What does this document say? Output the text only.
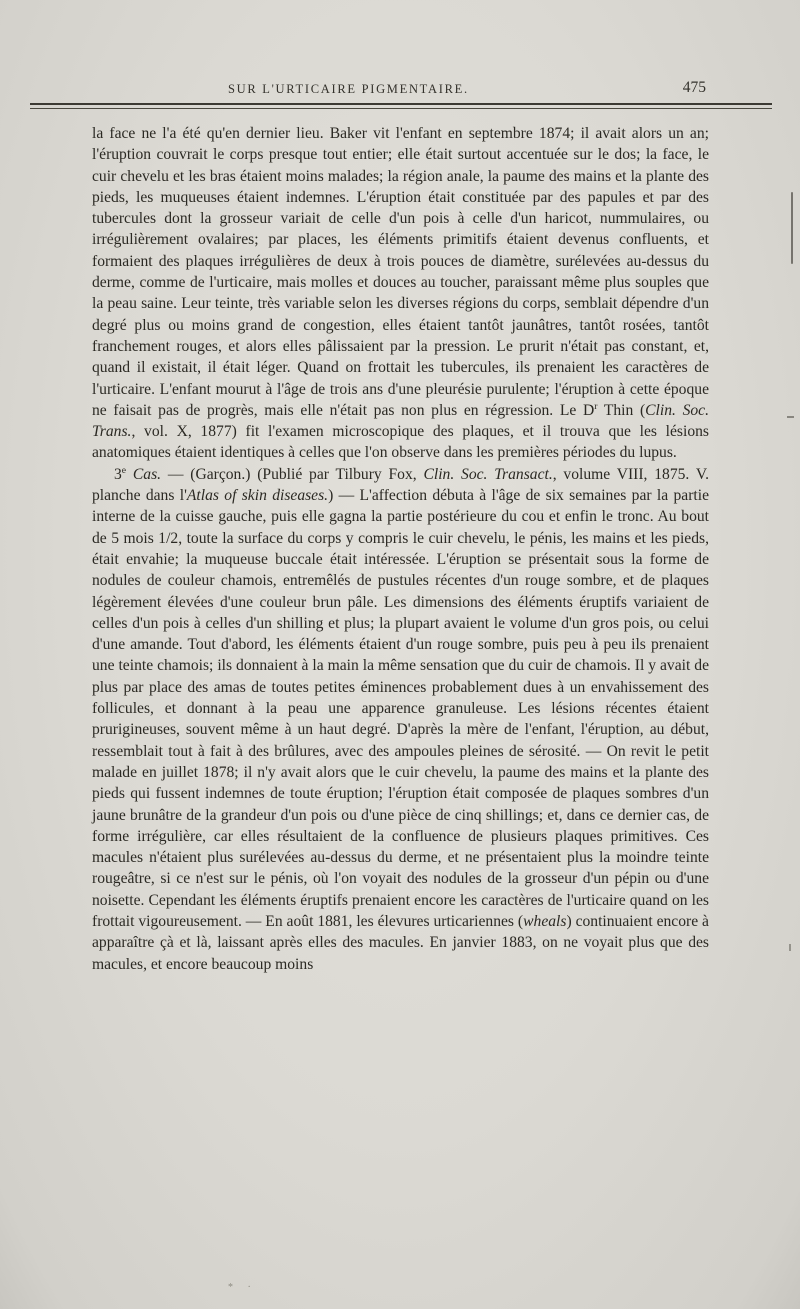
SUR L'URTICAIRE PIGMENTAIRE.	475

la face ne l'a été qu'en dernier lieu. Baker vit l'enfant en septembre 1874; il avait alors un an; l'éruption couvrait le corps presque tout entier; elle était surtout accentuée sur le dos; la face, le cuir chevelu et les bras étaient moins malades; la région anale, la paume des mains et la plante des pieds, les muqueuses étaient indemnes. L'éruption était constituée par des papules et par des tubercules dont la grosseur variait de celle d'un pois à celle d'un haricot, nummulaires, ou irrégulièrement ovalaires; par places, les éléments primitifs étaient devenus confluents, et formaient des plaques irrégulières de deux à trois pouces de diamètre, surélevées au-dessus du derme, comme de l'urticaire, mais molles et douces au toucher, paraissant même plus souples que la peau saine. Leur teinte, très variable selon les diverses régions du corps, semblait dépendre d'un degré plus ou moins grand de congestion, elles étaient tantôt jaunâtres, tantôt rosées, tantôt franchement rouges, et alors elles pâlissaient par la pression. Le prurit n'était pas constant, et, quand il existait, il était léger. Quand on frottait les tubercules, ils prenaient les caractères de l'urticaire. L'enfant mourut à l'âge de trois ans d'une pleurésie purulente; l'éruption à cette époque ne faisait pas de progrès, mais elle n'était pas non plus en régression. Le $D^r$ Thin (Clin. Soc. Trans., vol. X, 1877) fit l'examen microscopique des plaques, et il trouva que les lésions anatomiques étaient identiques à celles que l'on observe dans les premières périodes du lupus.

3e Cas. — (Garçon.) (Publié par Tilbury Fox, Clin. Soc. Transact., volume VIII, 1875. V. planche dans l'Atlas of skin diseases.) — L'affection débuta à l'âge de six semaines par la partie interne de la cuisse gauche, puis elle gagna la partie postérieure du cou et enfin le tronc. Au bout de 5 mois 1/2, toute la surface du corps y compris le cuir chevelu, le pénis, les mains et les pieds, était envahie; la muqueuse buccale était intéressée. L'éruption se présentait sous la forme de nodules de couleur chamois, entremêlés de pustules récentes d'un rouge sombre, et de plaques légèrement élevées d'une couleur brun pâle. Les dimensions des éléments éruptifs variaient de celles d'un pois à celles d'un shilling et plus; la plupart avaient le volume d'un gros pois, ou celui d'une amande. Tout d'abord, les éléments étaient d'un rouge sombre, puis peu à peu ils prenaient une teinte chamois; ils donnaient à la main la même sensation que du cuir de chamois. Il y avait de plus par place des amas de toutes petites éminences probablement dues à un envahissement des follicules, et donnant à la peau une apparence granuleuse. Les lésions récentes étaient prurigineuses, souvent même à un haut degré. D'après la mère de l'enfant, l'éruption, au début, ressemblait tout à fait à des brûlures, avec des ampoules pleines de sérosité. — On revit le petit malade en juillet 1878; il n'y avait alors que le cuir chevelu, la paume des mains et la plante des pieds qui fussent indemnes de toute éruption; l'éruption était composée de plaques sombres d'un jaune brunâtre de la grandeur d'un pois ou d'une pièce de cinq shillings; et, dans ce dernier cas, de forme irrégulière, car elles résultaient de la confluence de plusieurs plaques primitives. Ces macules n'étaient plus surélevées au-dessus du derme, et ne présentaient plus la moindre teinte rougeâtre, si ce n'est sur le pénis, où l'on voyait des nodules de la grosseur d'un pépin ou d'une noisette. Cependant les éléments éruptifs prenaient encore les caractères de l'urticaire quand on les frottait vigoureusement. — En août 1881, les élevures urticariennes (wheals) continuaient encore à apparaître çà et là, laissant après elles des macules. En janvier 1883, on ne voyait plus que des macules, et encore beaucoup moins

* ·
